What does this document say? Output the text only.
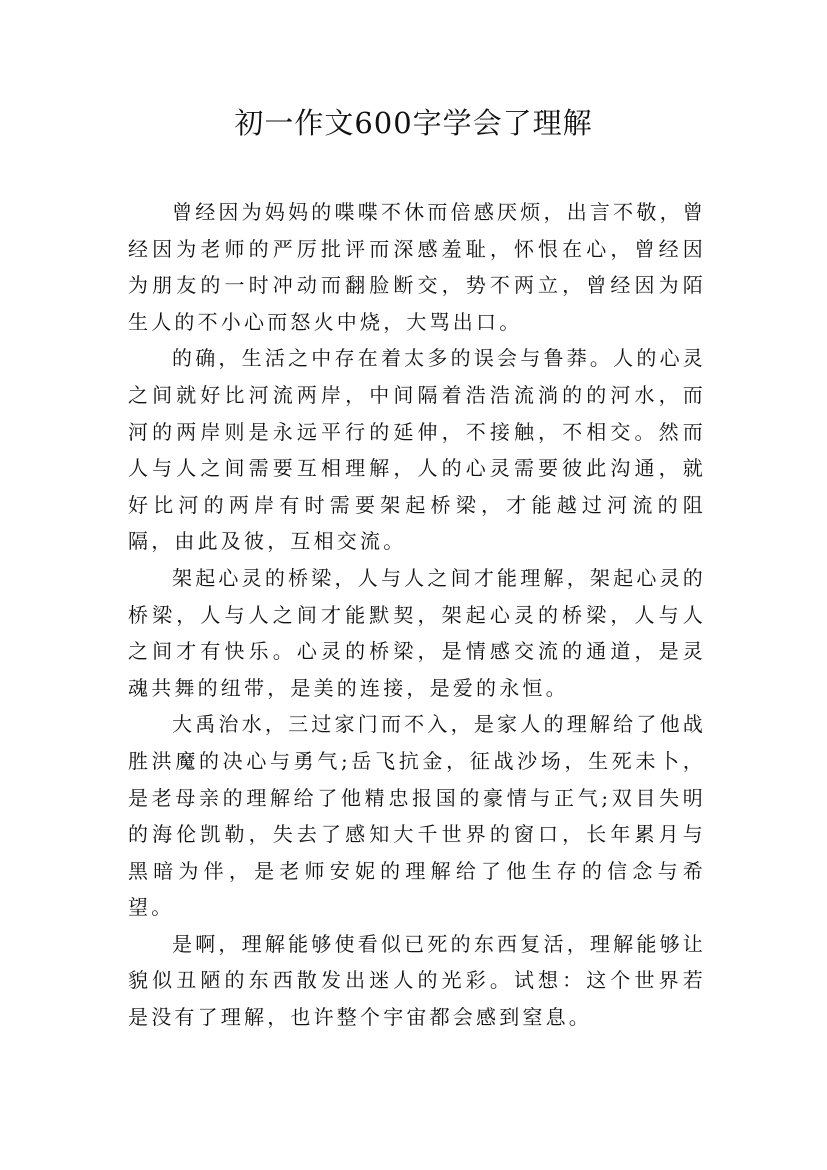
初一作文600字学会了理解

曾经因为妈妈的喋喋不休而倍感厌烦，出言不敬，曾经因为老师的严厉批评而深感羞耻，怀恨在心，曾经因为朋友的一时冲动而翻脸断交，势不两立，曾经因为陌生人的不小心而怒火中烧，大骂出口。

的确，生活之中存在着太多的误会与鲁莽。人的心灵之间就好比河流两岸，中间隔着浩浩流淌的的河水，而河的两岸则是永远平行的延伸，不接触，不相交。然而人与人之间需要互相理解，人的心灵需要彼此沟通，就好比河的两岸有时需要架起桥梁，才能越过河流的阻隔，由此及彼，互相交流。

架起心灵的桥梁，人与人之间才能理解，架起心灵的桥梁，人与人之间才能默契，架起心灵的桥梁，人与人之间才有快乐。心灵的桥梁，是情感交流的通道，是灵魂共舞的纽带，是美的连接，是爱的永恒。

大禹治水，三过家门而不入，是家人的理解给了他战胜洪魔的决心与勇气;岳飞抗金，征战沙场，生死未卜，是老母亲的理解给了他精忠报国的豪情与正气;双目失明的海伦凯勒，失去了感知大千世界的窗口，长年累月与黑暗为伴，是老师安妮的理解给了他生存的信念与希望。

是啊，理解能够使看似已死的东西复活，理解能够让貌似丑陋的东西散发出迷人的光彩。试想：这个世界若是没有了理解，也许整个宇宙都会感到窒息。
